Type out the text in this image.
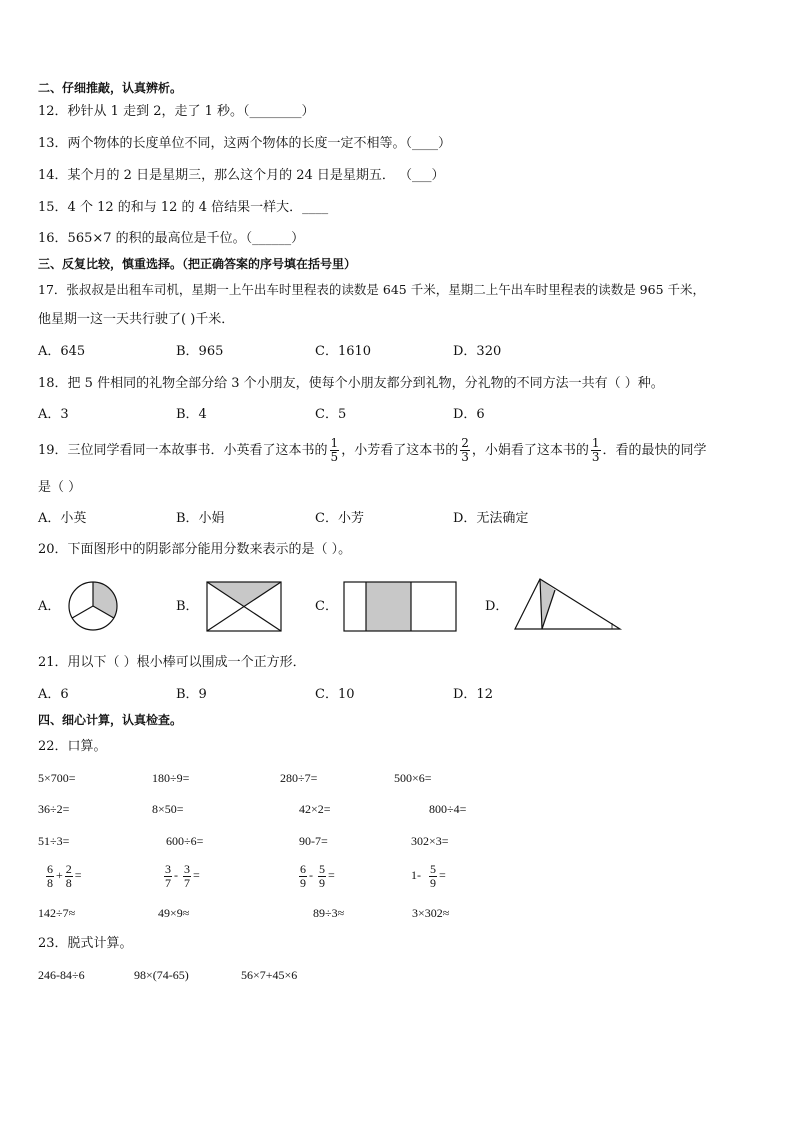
二、仔细推敲，认真辨析。
12．秒针从 1 走到 2，走了 1 秒。（________）
13．两个物体的长度单位不同，这两个物体的长度一定不相等。（____）
14．某个月的 2 日是星期三，那么这个月的 24 日是星期五． （___）
15．4 个 12 的和与 12 的 4 倍结果一样大．____
16．565×7 的积的最高位是千位。（______）
三、反复比较，慎重选择。（把正确答案的序号填在括号里）
17．张叔叔是出租车司机，星期一上午出车时里程表的读数是 645 千米，星期二上午出车时里程表的读数是 965 千米，
他星期一这一天共行驶了( )千米．
A．645	B．965	C．1610	D．320
18．把 5 件相同的礼物全部分给 3 个小朋友，使每个小朋友都分到礼物，分礼物的不同方法一共有（ ）种。
A．3	B．4	C．5	D．6
19．三位同学看同一本故事书．小英看了这本书的 $\frac{1}{5}$ ，小芳看了这本书的 $\frac{2}{3}$ ，小娟看了这本书的 $\frac{1}{3}$ ．看的最快的同学
是（ ）
A．小英	B．小娟	C．小芳	D．无法确定
20．下面图形中的阴影部分能用分数来表示的是（ ）。
A．	B．	C．	D．
21．用以下（ ）根小棒可以围成一个正方形．
A．6	B．9	C．10	D．12
四、细心计算，认真检查。
22．口算。
5×700=	180÷9=	280÷7=	500×6=
36÷2=	8×50=	42×2=	800÷4=
51÷3=	600÷6=	90-7=	302×3=
$\frac{6}{8} + \frac{2}{8}$ =	$\frac{3}{7} - \frac{3}{7}$ =	$\frac{6}{9} - \frac{5}{9}$ =	$1- \frac{5}{9}$ =
142÷7≈	49×9≈	89÷3≈	3×302≈
23．脱式计算。
246-84÷6	98×(74-65)	56×7+45×6
